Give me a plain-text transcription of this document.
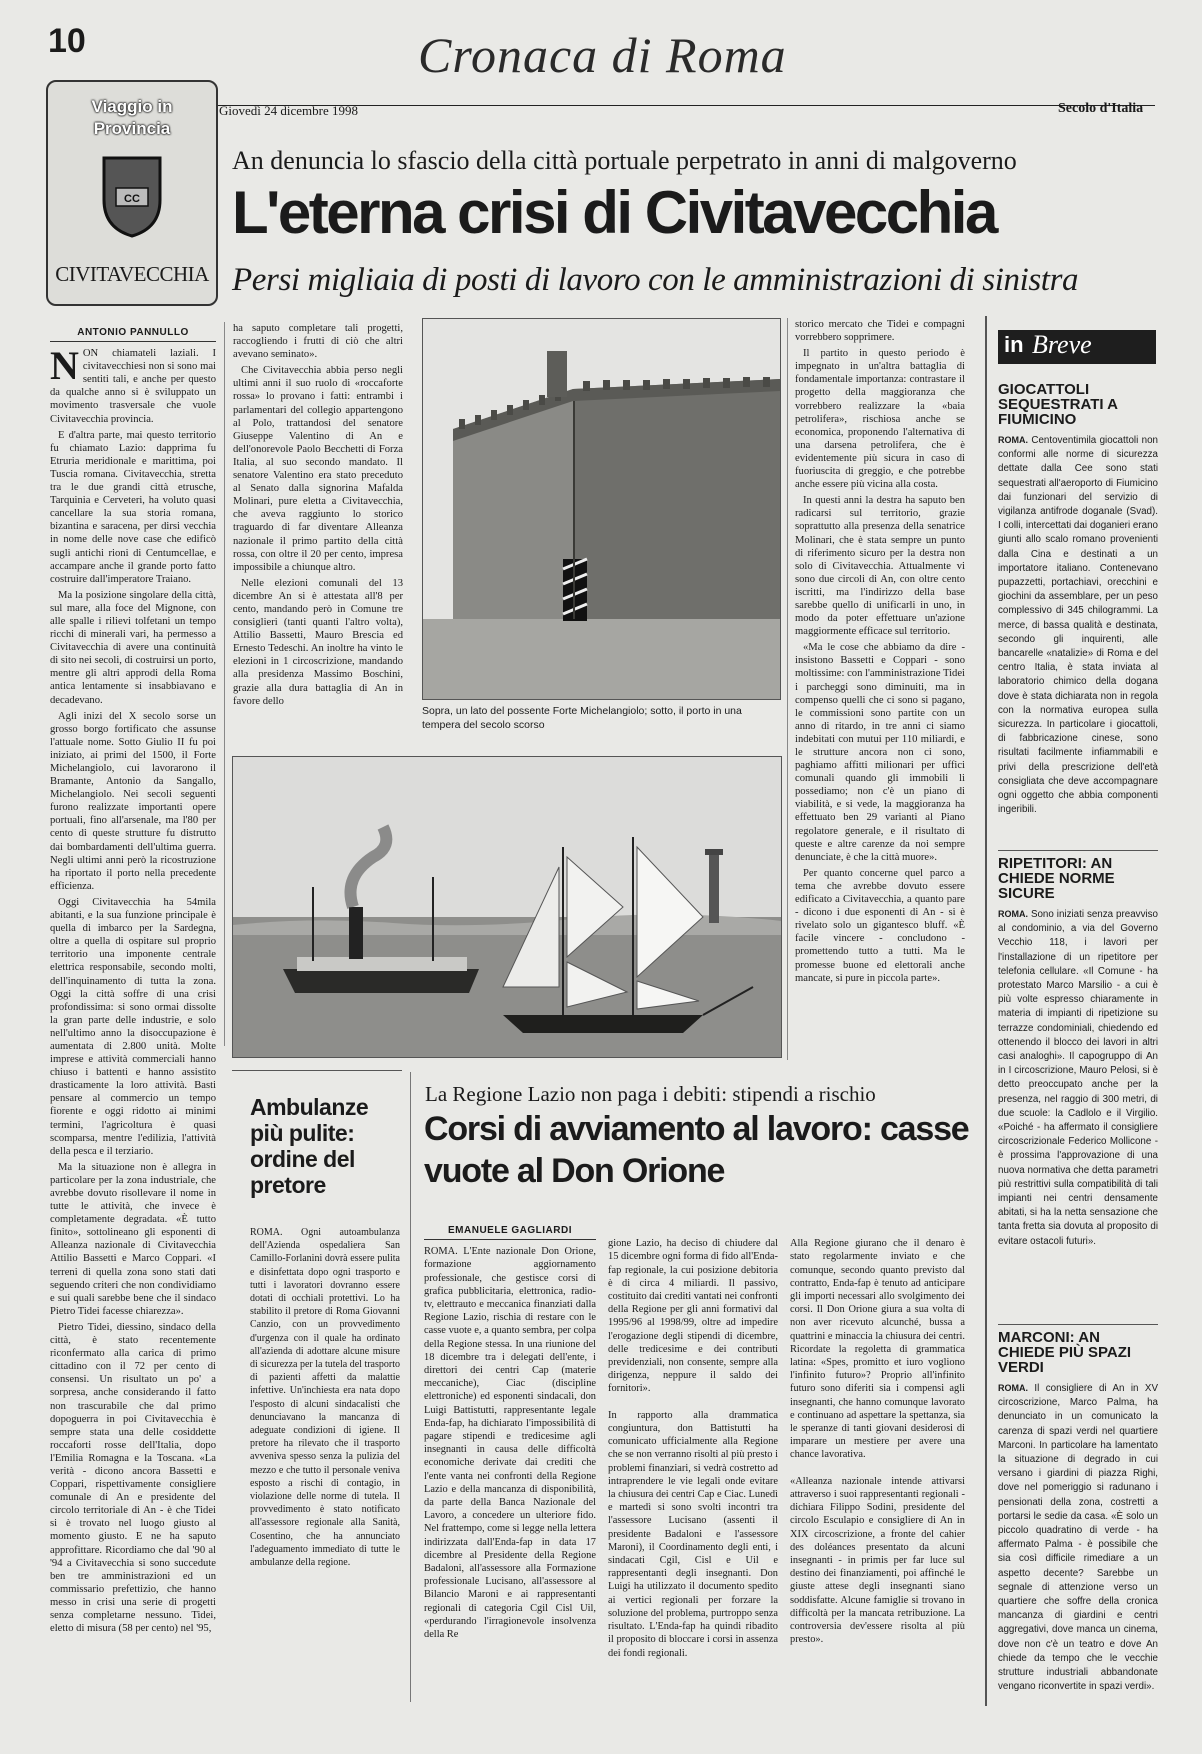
10	Cronaca di Roma
Giovedì 24 dicembre 1998	Secolo d'Italia
Viaggio in Provincia
CC
CIVITAVECCHIA
An denuncia lo sfascio della città portuale perpetrato in anni di malgoverno
L'eterna crisi di Civitavecchia
Persi migliaia di posti di lavoro con le amministrazioni di sinistra
ANTONIO PANNULLO

NON chiamateli laziali. I civitavecchiesi non si sono mai sentiti tali, e anche per questo da qualche anno si è sviluppato un movimento trasversale che vuole Civitavecchia provincia.

E d'altra parte, mai questo territorio fu chiamato Lazio: dapprima fu Etruria meridionale e marittima, poi Tuscia romana. Civitavecchia, stretta tra le due grandi città etrusche, Tarquinia e Cerveteri, ha voluto quasi cancellare la sua storia romana, bizantina e saracena, per dirsi vecchia in nome delle nove case che edificò sugli antichi rioni di Centumcellae, e accampare anche il grande porto fatto costruire dall'imperatore Traiano.

Ma la posizione singolare della città, sul mare, alla foce del Mignone, con alle spalle i rilievi tolfetani un tempo ricchi di minerali vari, ha permesso a Civitavecchia di avere una continuità di sito nei secoli, di costruirsi un porto, mentre gli altri approdi della Roma antica lentamente si insabbiavano e decadevano.

Agli inizi del X secolo sorse un grosso borgo fortificato che assunse l'attuale nome. Sotto Giulio II fu poi iniziato, ai primi del 1500, il Forte Michelangiolo, cui lavorarono il Bramante, Antonio da Sangallo, Michelangiolo. Nei secoli seguenti furono realizzate importanti opere portuali, fino all'arsenale, ma l'80 per cento di queste strutture fu distrutto dai bombardamenti dell'ultima guerra. Negli ultimi anni però la ricostruzione ha riportato il porto nella precedente efficienza.

Oggi Civitavecchia ha 54mila abitanti, e la sua funzione principale è quella di imbarco per la Sardegna, oltre a quella di ospitare sul proprio territorio una imponente centrale elettrica responsabile, secondo molti, dell'inquinamento di tutta la zona. Oggi la città soffre di una crisi profondissima: si sono ormai dissolte la gran parte delle industrie, e solo nell'ultimo anno la disoccupazione è aumentata di 2.800 unità. Molte imprese e attività commerciali hanno chiuso i battenti e hanno assistito drasticamente la loro attività. Basti pensare al commercio un tempo fiorente e oggi ridotto ai minimi termini, l'agricoltura è quasi scomparsa, mentre l'edilizia, l'attività della pesca e il terziario.

Ma la situazione non è allegra in particolare per la zona industriale, che avrebbe dovuto risollevare il nome in tutte le attività, che invece è completamente degradata. «È tutto finito», sottolineano gli esponenti di Alleanza nazionale di Civitavecchia Attilio Bassetti e Marco Coppari. «I terreni di quella zona sono stati dati seguendo criteri che non condividiamo e sui quali sarebbe bene che il sindaco Pietro Tidei facesse chiarezza».

Pietro Tidei, diessino, sindaco della città, è stato recentemente riconfermato alla carica di primo cittadino con il 72 per cento di consensi. Un risultato un po' a sorpresa, anche considerando il fatto non trascurabile che dal primo dopoguerra in poi Civitavecchia è sempre stata una delle cosiddette roccaforti rosse dell'Italia, dopo l'Emilia Romagna e la Toscana. «La verità - dicono ancora Bassetti e Coppari, rispettivamente consigliere comunale di An e presidente del circolo territoriale di An - è che Tidei si è trovato nel luogo giusto al momento giusto. E ne ha saputo approfittare. Ricordiamo che dal '90 al '94 a Civitavecchia si sono succedute ben tre amministrazioni ed un commissario prefettizio, che hanno messo in crisi una serie di progetti senza completarne nessuno. Tidei, eletto di misura (58 per cento) nel '95,

ha saputo completare tali progetti, raccogliendo i frutti di ciò che altri avevano seminato».

Che Civitavecchia abbia perso negli ultimi anni il suo ruolo di «roccaforte rossa» lo provano i fatti: entrambi i parlamentari del collegio appartengono al Polo, trattandosi del senatore Giuseppe Valentino di An e dell'onorevole Paolo Becchetti di Forza Italia, al suo secondo mandato. Il senatore Valentino era stato preceduto al Senato dalla signorina Mafalda Molinari, pure eletta a Civitavecchia, che aveva raggiunto lo storico traguardo di far diventare Alleanza nazionale il primo partito della città rossa, con oltre il 20 per cento, impresa impossibile a chiunque altro.

Nelle elezioni comunali del 13 dicembre An si è attestata all'8 per cento, mandando però in Comune tre consiglieri (tanti quanti l'altro volta), Attilio Bassetti, Mauro Brescia ed Ernesto Tedeschi. An inoltre ha vinto le elezioni in 1 circoscrizione, mandando alla presidenza Massimo Boschini, grazie alla dura battaglia di An in favore dello

Sopra, un lato del possente Forte Michelangiolo; sotto, il porto in una tempera del secolo scorso

storico mercato che Tidei e compagni vorrebbero sopprimere.

Il partito in questo periodo è impegnato in un'altra battaglia di fondamentale importanza: contrastare il progetto della maggioranza che vorrebbero realizzare la «baia petrolifera», rischiosa anche se economica, proponendo l'alternativa di una darsena petrolifera, che è evidentemente più sicura in caso di fuoriuscita di greggio, e che potrebbe anche essere più vicina alla costa.

In questi anni la destra ha saputo ben radicarsi sul territorio, grazie soprattutto alla presenza della senatrice Molinari, che è stata sempre un punto di riferimento sicuro per la destra non solo di Civitavecchia. Attualmente vi sono due circoli di An, con oltre cento iscritti, ma l'indirizzo della base sarebbe quello di unificarli in uno, in modo da poter effettuare un'azione maggiormente efficace sul territorio.

«Ma le cose che abbiamo da dire - insistono Bassetti e Coppari - sono moltissime: con l'amministrazione Tidei i parcheggi sono diminuiti, ma in compenso quelli che ci sono si pagano, le commissioni sono partite con un anno di ritardo, in tre anni ci siamo indebitati con mutui per 110 miliardi, e le strutture ancora non ci sono, paghiamo affitti milionari per uffici comunali quando gli immobili li possediamo; non c'è un piano di viabilità, e si vede, la maggioranza ha effettuato ben 29 varianti al Piano regolatore generale, e il risultato di queste e altre carenze da noi sempre denunciate, è che la città muore».

Per quanto concerne quel parco a tema che avrebbe dovuto essere edificato a Civitavecchia, a quanto pare - dicono i due esponenti di An - si è rivelato solo un gigantesco bluff. «È facile vincere - concludono - promettendo tutto a tutti. Ma le promesse buone ed elettorali anche mancate, si pure in piccola parte».

Ambulanze più pulite: ordine del pretore

ROMA. Ogni autoambulanza dell'Azienda ospedaliera San Camillo-Forlanini dovrà essere pulita e disinfettata dopo ogni trasporto e tutti i lavoratori dovranno essere dotati di occhiali protettivi. Lo ha stabilito il pretore di Roma Giovanni Canzio, con un provvedimento d'urgenza con il quale ha ordinato all'azienda di adottare alcune misure di sicurezza per la tutela del trasporto di pazienti affetti da malattie infettive. Un'inchiesta era nata dopo l'esposto di alcuni sindacalisti che denunciavano la mancanza di adeguate condizioni di igiene. Il pretore ha rilevato che il trasporto avveniva spesso senza la pulizia del mezzo e che tutto il personale veniva esposto a rischi di contagio, in violazione delle norme di tutela. Il provvedimento è stato notificato all'assessore regionale alla Sanità, Cosentino, che ha annunciato l'adeguamento immediato di tutte le ambulanze della regione.

La Regione Lazio non paga i debiti: stipendi a rischio
Corsi di avviamento al lavoro: casse vuote al Don Orione
EMANUELE GAGLIARDI

ROMA. L'Ente nazionale Don Orione, formazione aggiornamento professionale, che gestisce corsi di grafica pubblicitaria, elettronica, radio-tv, elettrauto e meccanica finanziati dalla Regione Lazio, rischia di restare con le casse vuote e, a quanto sembra, per colpa della Regione stessa. In una riunione del 18 dicembre tra i delegati dell'ente, i direttori dei centri Cap (materie meccaniche), Ciac (discipline elettroniche) ed esponenti sindacali, don Luigi Battistutti, rappresentante legale Enda-fap, ha dichiarato l'impossibilità di pagare stipendi e tredicesime agli insegnanti in causa delle difficoltà economiche derivate dai crediti che l'ente vanta nei confronti della Regione Lazio e della mancanza di disponibilità, da parte della Banca Nazionale del Lavoro, a concedere un ulteriore fido. Nel frattempo, come si legge nella lettera indirizzata dall'Enda-fap in data 17 dicembre al Presidente della Regione Badaloni, all'assessore alla Formazione professionale Lucisano, all'assessore al Bilancio Maroni e ai rappresentanti regionali di categoria Cgil Cisl Uil, «perdurando l'irragionevole insolvenza della Re

gione Lazio, ha deciso di chiudere dal 15 dicembre ogni forma di fido all'Enda-fap regionale, la cui posizione debitoria è di circa 4 miliardi. Il passivo, costituito dai crediti vantati nei confronti della Regione per gli anni formativi dal 1995/96 al 1998/99, oltre ad impedire l'erogazione degli stipendi di dicembre, delle tredicesime e dei contributi previdenziali, non consente, sempre alla dirigenza, neppure il saldo dei fornitori».

In rapporto alla drammatica congiuntura, don Battistutti ha comunicato ufficialmente alla Regione che se non verranno risolti al più presto i problemi finanziari, si vedrà costretto ad intraprendere le vie legali onde evitare la chiusura dei centri Cap e Ciac. Lunedì e martedì si sono svolti incontri tra l'assessore Lucisano (assenti il presidente Badaloni e l'assessore Maroni), il Coordinamento degli enti, i sindacati Cgil, Cisl e Uil e rappresentanti degli insegnanti. Don Luigi ha utilizzato il documento spedito ai vertici regionali per forzare la soluzione del problema, purtroppo senza risultato. L'Enda-fap ha quindi ribadito il proposito di bloccare i corsi in assenza dei fondi regionali.

Alla Regione giurano che il denaro è stato regolarmente inviato e che comunque, secondo quanto previsto dal contratto, Enda-fap è tenuto ad anticipare gli importi necessari allo svolgimento dei corsi. Il Don Orione giura a sua volta di non aver ricevuto alcunché, bussa a quattrini e minaccia la chiusura dei centri. Ricordate la regoletta di grammatica latina: «Spes, promitto et iuro vogliono l'infinito futuro»? Proprio all'infinito futuro sono diferiti sia i compensi agli insegnanti, che hanno comunque lavorato e continuano ad aspettare la spettanza, sia le speranze di tanti giovani desiderosi di imparare un mestiere per avere una chance lavorativa.

«Alleanza nazionale intende attivarsi attraverso i suoi rappresentanti regionali - dichiara Filippo Sodini, presidente del circolo Esculapio e consigliere di An in XIX circoscrizione, a fronte del cahier des doléances presentato da alcuni insegnanti - in primis per far luce sul destino dei finanziamenti, poi affinché le giuste attese degli insegnanti siano soddisfatte. Alcune famiglie si trovano in difficoltà per la mancata retribuzione. La controversia dev'essere risolta al più presto».

in Breve
GIOCATTOLI SEQUESTRATI A FIUMICINO
ROMA. Centoventimila giocattoli non conformi alle norme di sicurezza dettate dalla Cee sono stati sequestrati all'aeroporto di Fiumicino dai funzionari del servizio di vigilanza antifrode doganale (Svad). I colli, intercettati dai doganieri erano giunti allo scalo romano provenienti dalla Cina e destinati a un importatore italiano. Contenevano pupazzetti, portachiavi, orecchini e giochini da assemblare, per un peso complessivo di 345 chilogrammi. La merce, di bassa qualità e destinata, secondo gli inquirenti, alle bancarelle «natalizie» di Roma e del centro Italia, è stata inviata al laboratorio chimico della dogana dove è stata dichiarata non in regola con la normativa europea sulla sicurezza. In particolare i giocattoli, di fabbricazione cinese, sono risultati facilmente infiammabili e privi della prescrizione dell'età consigliata che deve accompagnare ogni oggetto che abbia componenti ingeribili.
RIPETITORI: AN CHIEDE NORME SICURE
ROMA. Sono iniziati senza preavviso al condominio, a via del Governo Vecchio 118, i lavori per l'installazione di un ripetitore per telefonia cellulare. «Il Comune - ha protestato Marco Marsilio - a cui è più volte espresso chiaramente in materia di impianti di ripetizione su terrazze condominiali, chiedendo ed ottenendo il blocco dei lavori in altri casi analoghi». Il capogruppo di An in I circoscrizione, Mauro Pelosi, si è detto preoccupato anche per la presenza, nel raggio di 300 metri, di due scuole: la Cadlolo e il Virgilio. «Poiché - ha affermato il consigliere circoscrizionale Federico Mollicone - è prossima l'approvazione di una nuova normativa che detta parametri più restrittivi sulla compatibilità di tali impianti nei centri densamente abitati, si ha la netta sensazione che tanta fretta sia dovuta al proposito di evitare ostacoli futuri».
MARCONI: AN CHIEDE PIÙ SPAZI VERDI
ROMA. Il consigliere di An in XV circoscrizione, Marco Palma, ha denunciato in un comunicato la carenza di spazi verdi nel quartiere Marconi. In particolare ha lamentato la situazione di degrado in cui versano i giardini di piazza Righi, dove nel pomeriggio si radunano i pensionati della zona, costretti a portarsi le sedie da casa. «È solo un piccolo quadratino di verde - ha affermato Palma - è possibile che sia così difficile rimediare a un aspetto decente? Sarebbe un segnale di attenzione verso un quartiere che soffre della cronica mancanza di giardini e centri aggregativi, dove manca un cinema, dove non c'è un teatro e dove An chiede da tempo che le vecchie strutture industriali abbandonate vengano riconvertite in spazi verdi».
